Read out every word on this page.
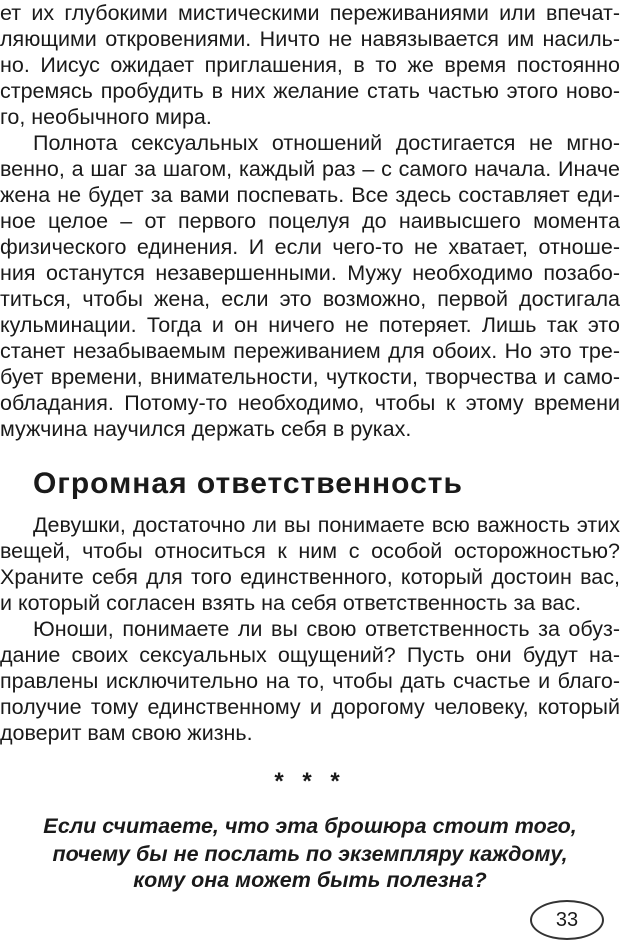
ет их глубокими мистическими переживаниями или впечат-
ляющими откровениями. Ничто не навязывается им насиль-
но. Иисус ожидает приглашения, в то же время постоянно
стремясь пробудить в них желание стать частью этого ново-
го, необычного мира.
Полнота сексуальных отношений достигается не мгно-
венно, а шаг за шагом, каждый раз – с самого начала. Иначе
жена не будет за вами поспевать. Все здесь составляет еди-
ное целое – от первого поцелуя до наивысшего момента
физического единения. И если чего-то не хватает, отноше-
ния останутся незавершенными. Мужу необходимо позабо-
титься, чтобы жена, если это возможно, первой достигала
кульминации. Тогда и он ничего не потеряет. Лишь так это
станет незабываемым переживанием для обоих. Но это тре-
бует времени, внимательности, чуткости, творчества и само-
обладания. Потому-то необходимо, чтобы к этому времени
мужчина научился держать себя в руках.
Огромная ответственность
Девушки, достаточно ли вы понимаете всю важность этих
вещей, чтобы относиться к ним с особой осторожностью?
Храните себя для того единственного, который достоин вас,
и который согласен взять на себя ответственность за вас.
Юноши, понимаете ли вы свою ответственность за обуз-
дание своих сексуальных ощущений? Пусть они будут на-
правлены исключительно на то, чтобы дать счастье и благо-
получие тому единственному и дорогому человеку, который
доверит вам свою жизнь.
* * *
Если считаете, что эта брошюра стоит того,
почему бы не послать по экземпляру каждому,
кому она может быть полезна?
33
